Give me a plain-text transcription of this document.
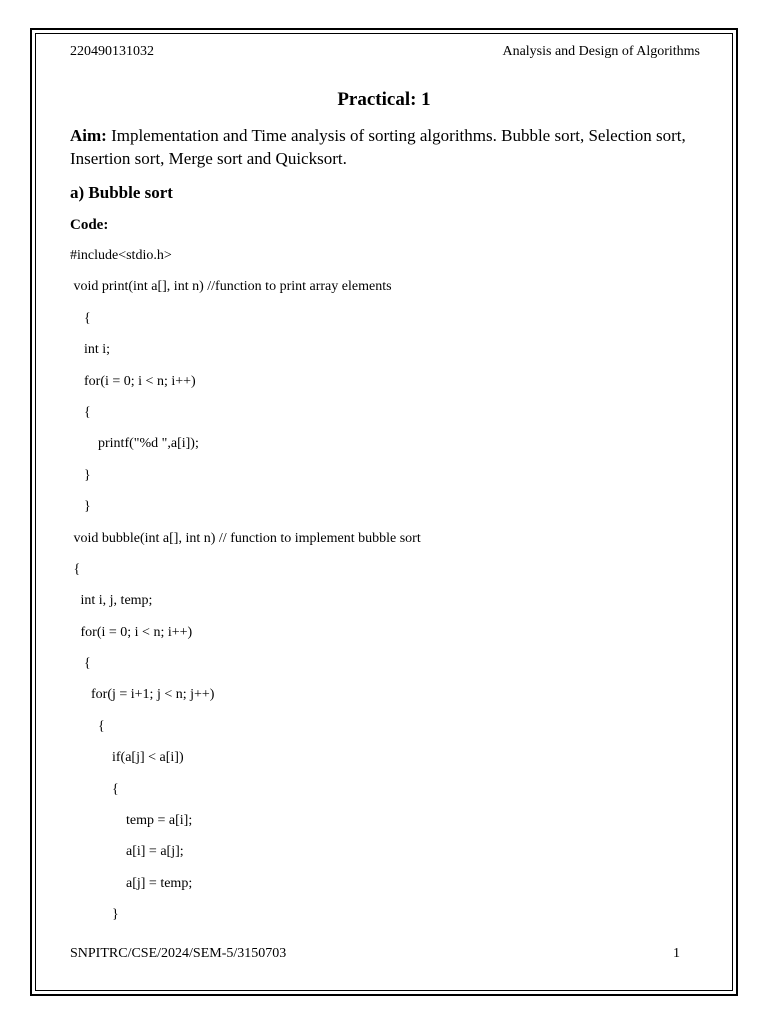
220490131032	Analysis and Design of Algorithms
Practical: 1
Aim: Implementation and Time analysis of sorting algorithms. Bubble sort, Selection sort, Insertion sort, Merge sort and Quicksort.
a) Bubble sort
Code:
#include<stdio.h>
void print(int a[], int n) //function to print array elements
{
int i;
for(i = 0; i < n; i++)
{
printf("%d ",a[i]);
}
}
void bubble(int a[], int n) // function to implement bubble sort
{
int i, j, temp;
for(i = 0; i < n; i++)
{
for(j = i+1; j < n; j++)
{
if(a[j] < a[i])
{
temp = a[i];
a[i] = a[j];
a[j] = temp;
}
SNPITRC/CSE/2024/SEM-5/3150703	1
